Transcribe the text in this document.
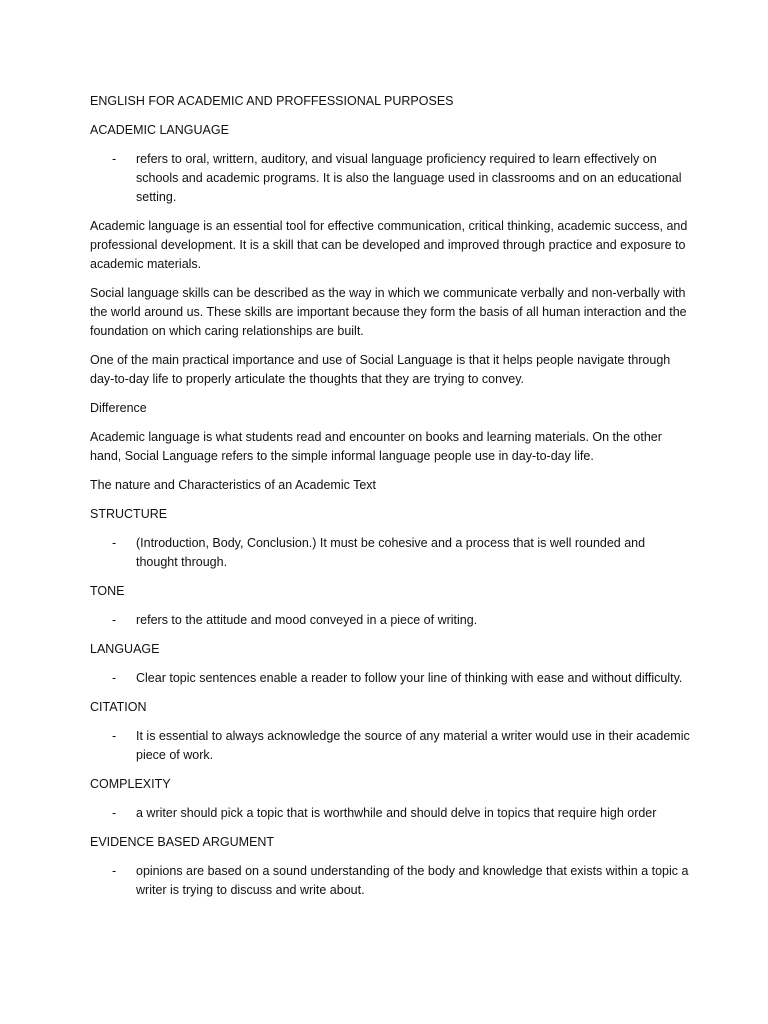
ENGLISH FOR ACADEMIC AND PROFFESSIONAL PURPOSES

ACADEMIC LANGUAGE

-	refers to oral, writtern, auditory, and visual language proficiency required to learn effectively on schools and academic programs. It is also the language used in classrooms and on an educational setting.

Academic language is an essential tool for effective communication, critical thinking, academic success, and professional development. It is a skill that can be developed and improved through practice and exposure to academic materials.

Social language skills can be described as the way in which we communicate verbally and non-verbally with the world around us. These skills are important because they form the basis of all human interaction and the foundation on which caring relationships are built.

One of the main practical importance and use of Social Language is that it helps people navigate through day-to-day life to properly articulate the thoughts that they are trying to convey.

Difference

Academic language is what students read and encounter on books and learning materials. On the other hand, Social Language refers to the simple informal language people use in day-to-day life.

The nature and Characteristics of an Academic Text

STRUCTURE

-	(Introduction, Body, Conclusion.) It must be cohesive and a process that is well rounded and thought through.

TONE

-	refers to the attitude and mood conveyed in a piece of writing.

LANGUAGE

-	Clear topic sentences enable a reader to follow your line of thinking with ease and without difficulty.

CITATION

-	It is essential to always acknowledge the source of any material a writer would use in their academic piece of work.

COMPLEXITY

-	a writer should pick a topic that is worthwhile and should delve in topics that require high order

EVIDENCE BASED ARGUMENT

-	opinions are based on a sound understanding of the body and knowledge that exists within a topic a writer is trying to discuss and write about.
